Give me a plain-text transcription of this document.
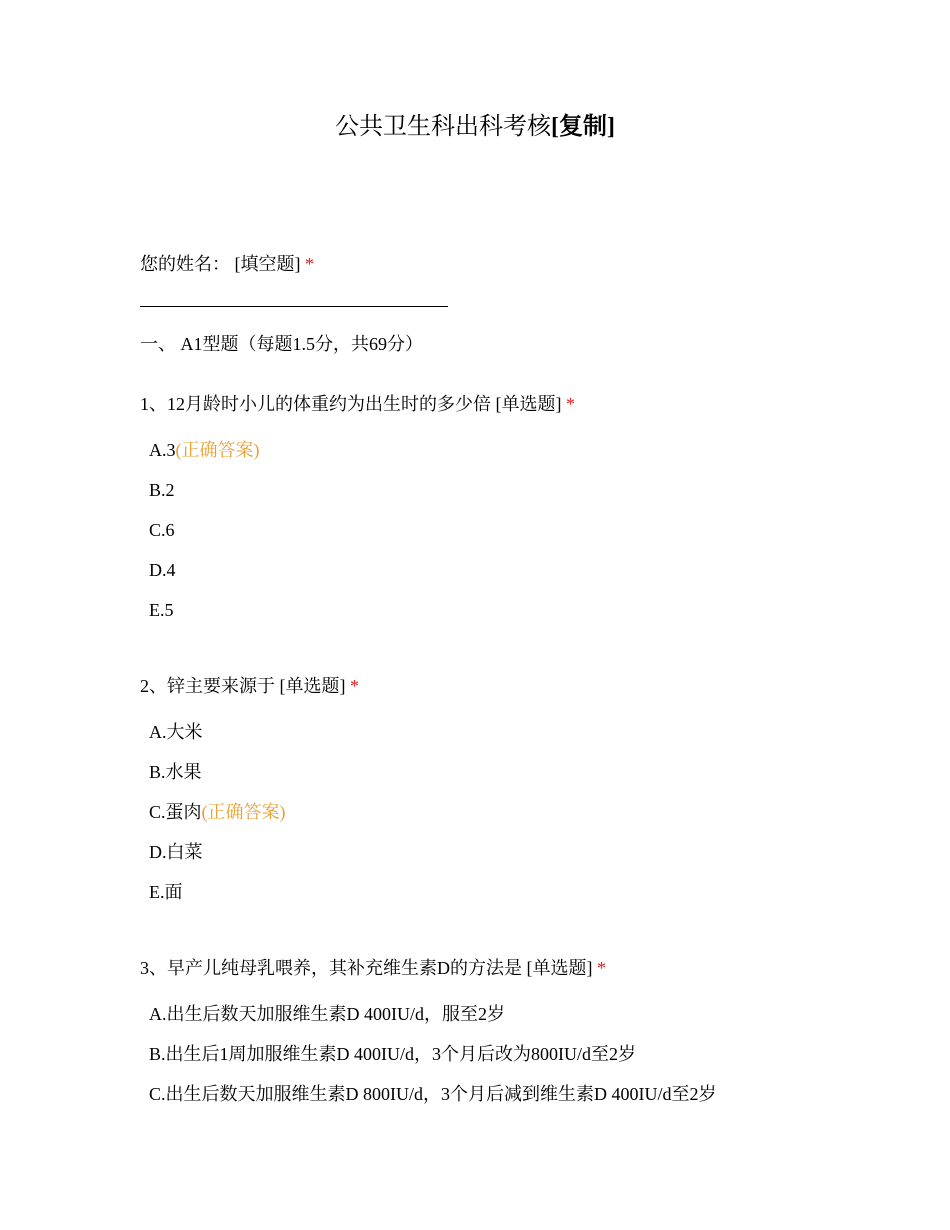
公共卫生科出科考核[复制]
您的姓名： [填空题] *
一、 A1型题（每题1.5分，共69分）
1、12月龄时小儿的体重约为出生时的多少倍 [单选题] *
A.3(正确答案)
B.2
C.6
D.4
E.5
2、锌主要来源于 [单选题] *
A.大米
B.水果
C.蛋肉(正确答案)
D.白菜
E.面
3、早产儿纯母乳喂养，其补充维生素D的方法是 [单选题] *
A.出生后数天加服维生素D 400IU/d，服至2岁
B.出生后1周加服维生素D 400IU/d，3个月后改为800IU/d至2岁
C.出生后数天加服维生素D 800IU/d，3个月后减到维生素D 400IU/d至2岁
